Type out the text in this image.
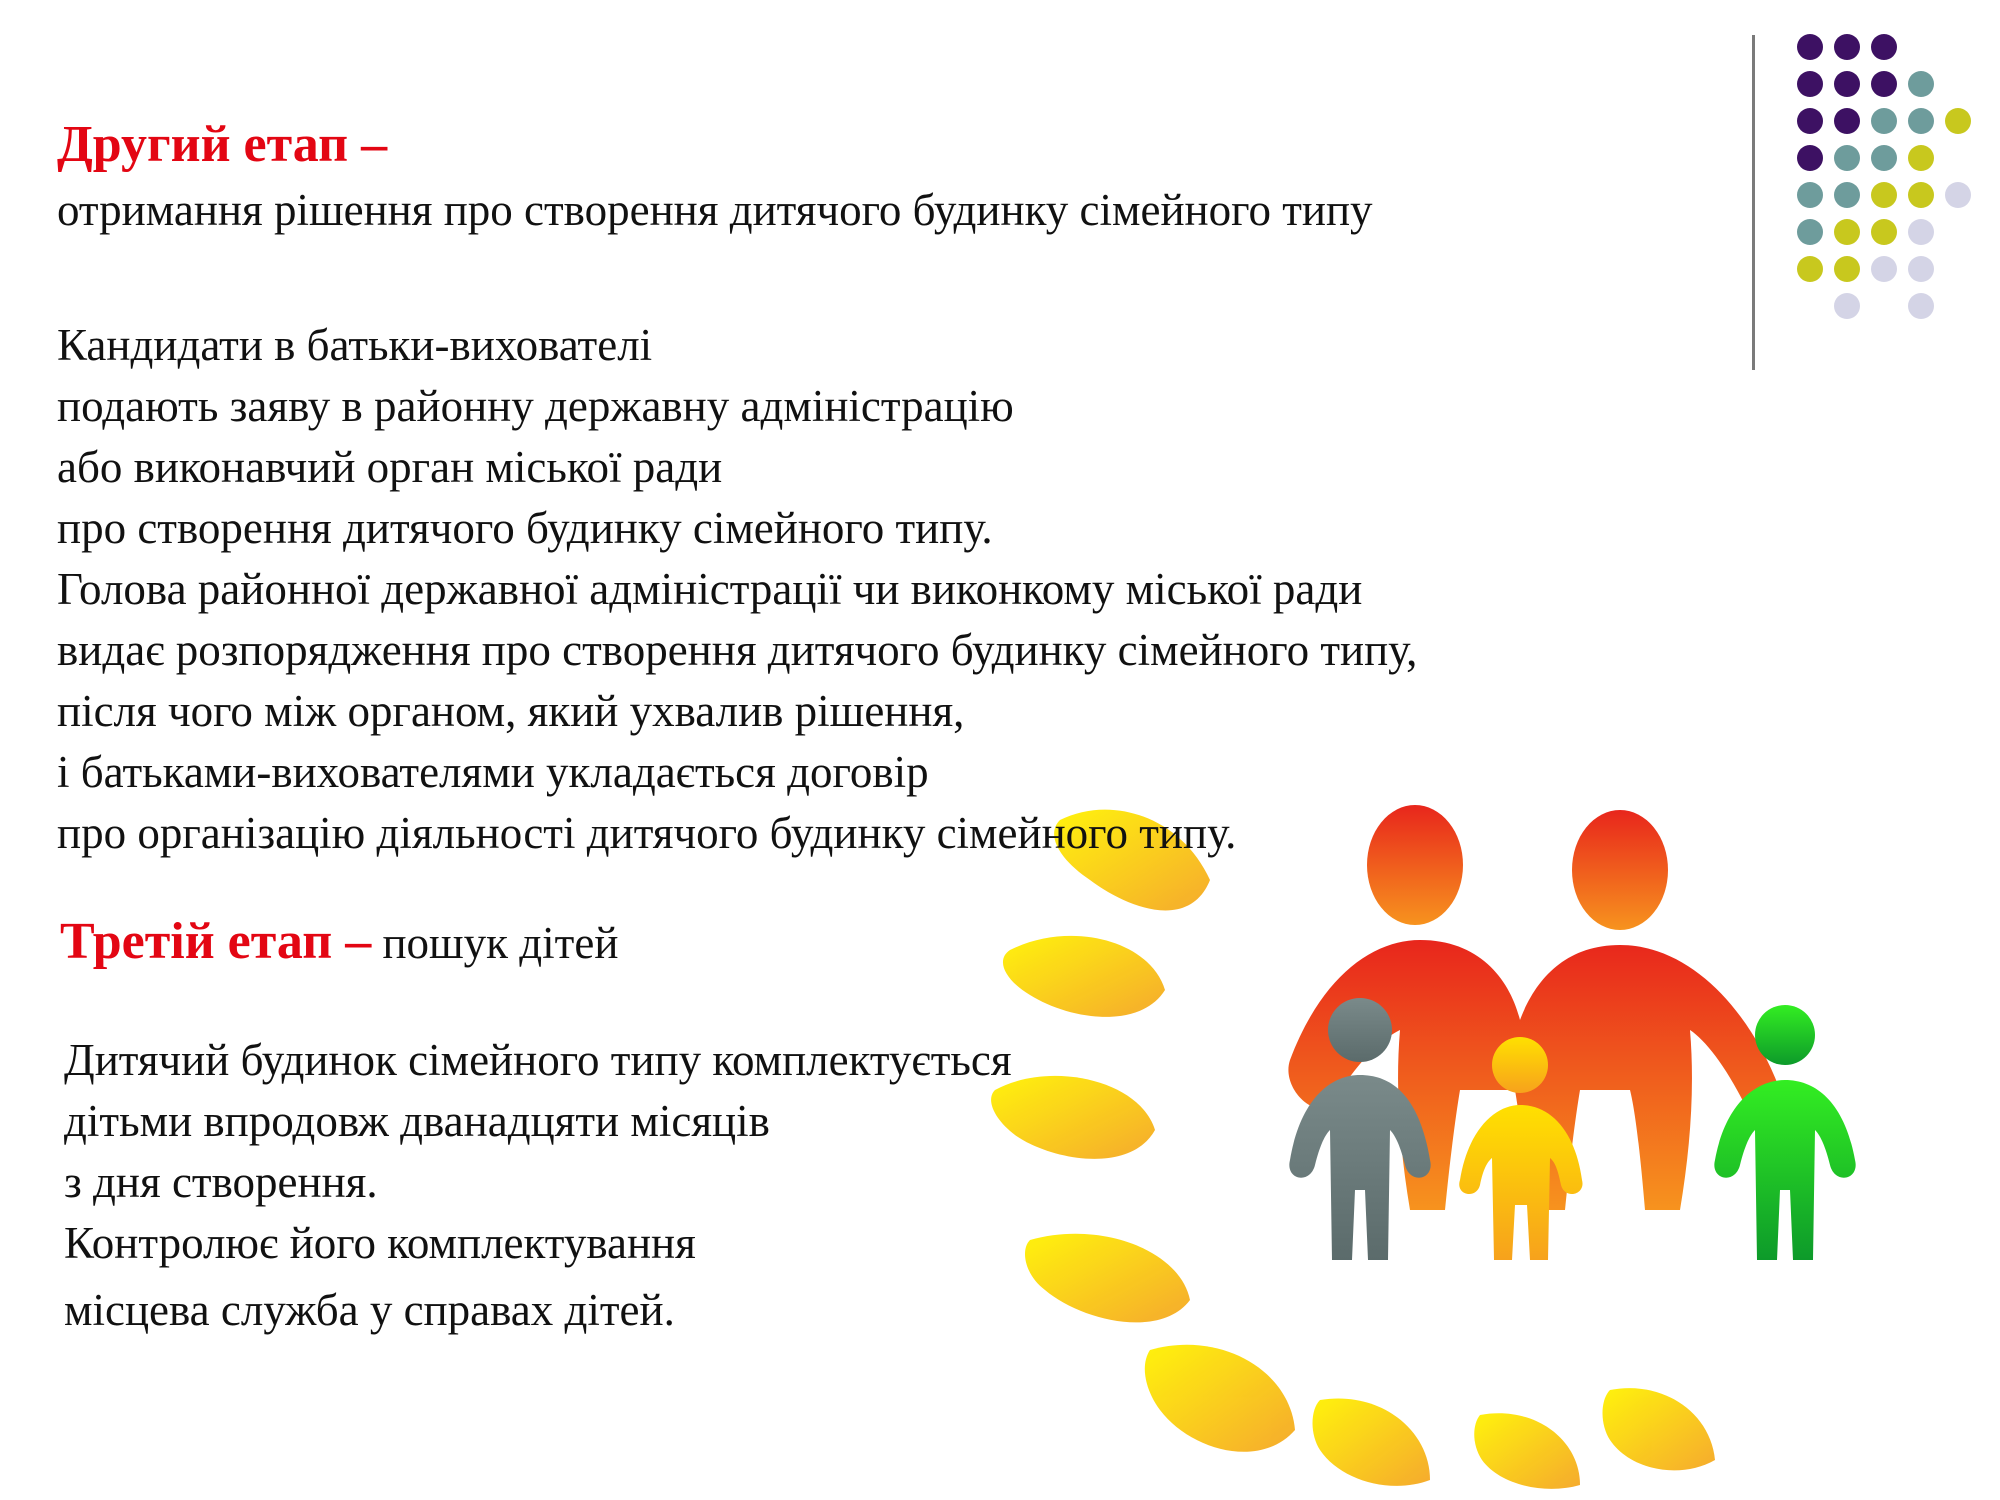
Другий етап –
отримання рішення про створення дитячого будинку сімейного типу
Кандидати в батьки-вихователі
подають заяву в районну державну адміністрацію
або виконавчий орган міської ради
про створення дитячого будинку сімейного типу.
Голова районної державної адміністрації чи виконкому міської ради
видає розпорядження про створення дитячого будинку сімейного типу,
після чого між органом, який ухвалив рішення,
і батьками-вихователями укладається договір
про організацію діяльності дитячого будинку сімейного типу.
Третій етап – пошук дітей
Дитячий будинок сімейного типу комплектується
дітьми впродовж дванадцяти місяців
з дня створення.
Контролює його комплектування
місцева служба у справах дітей.
